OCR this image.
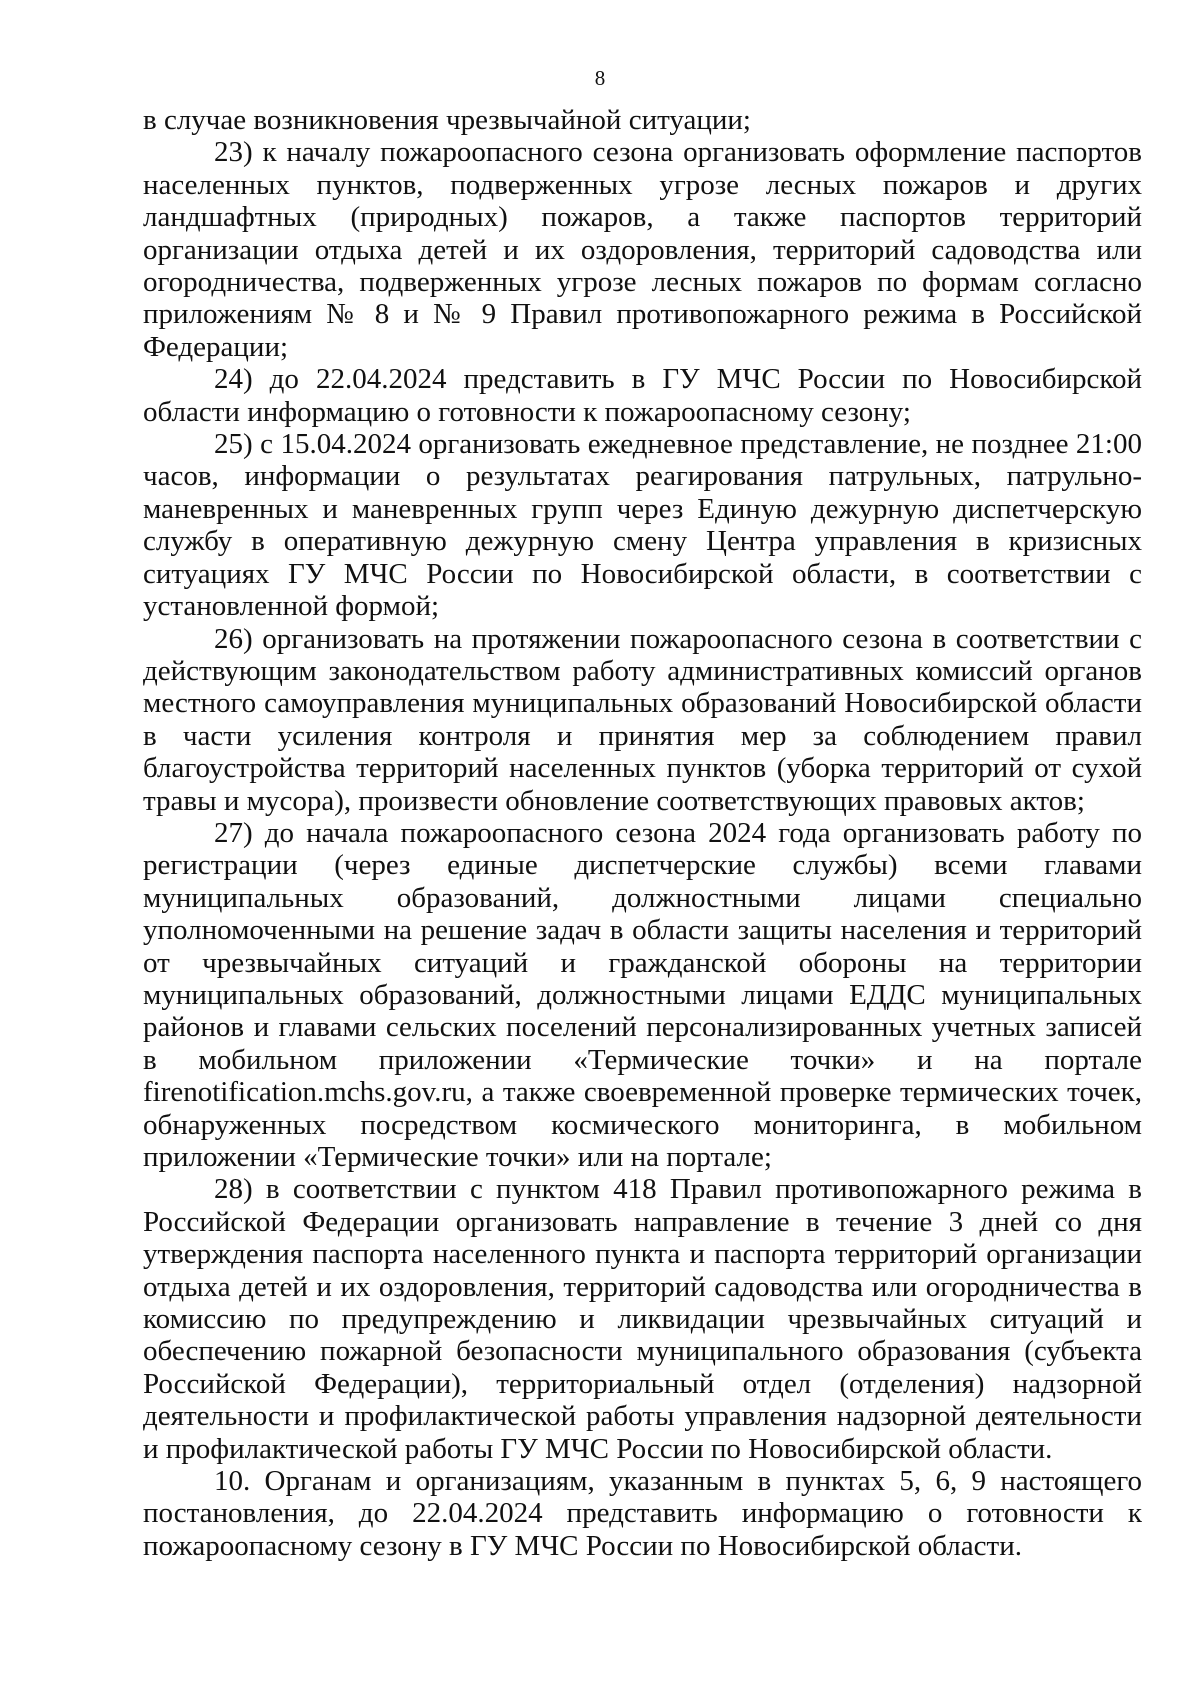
8

в случае возникновения чрезвычайной ситуации;

23) к началу пожароопасного сезона организовать оформление паспортов населенных пунктов, подверженных угрозе лесных пожаров и других ландшафтных (природных) пожаров, а также паспортов территорий организации отдыха детей и их оздоровления, территорий садоводства или огородничества, подверженных угрозе лесных пожаров по формам согласно приложениям № 8 и № 9 Правил противопожарного режима в Российской Федерации;

24) до 22.04.2024 представить в ГУ МЧС России по Новосибирской области информацию о готовности к пожароопасному сезону;

25) с 15.04.2024 организовать ежедневное представление, не позднее 21:00 часов, информации о результатах реагирования патрульных, патрульно-маневренных и маневренных групп через Единую дежурную диспетчерскую службу в оперативную дежурную смену Центра управления в кризисных ситуациях ГУ МЧС России по Новосибирской области, в соответствии с установленной формой;

26) организовать на протяжении пожароопасного сезона в соответствии с действующим законодательством работу административных комиссий органов местного самоуправления муниципальных образований Новосибирской области в части усиления контроля и принятия мер за соблюдением правил благоустройства территорий населенных пунктов (уборка территорий от сухой травы и мусора), произвести обновление соответствующих правовых актов;

27) до начала пожароопасного сезона 2024 года организовать работу по регистрации (через единые диспетчерские службы) всеми главами муниципальных образований, должностными лицами специально уполномоченными на решение задач в области защиты населения и территорий от чрезвычайных ситуаций и гражданской обороны на территории муниципальных образований, должностными лицами ЕДДС муниципальных районов и главами сельских поселений персонализированных учетных записей в мобильном приложении «Термические точки» и на портале firenotification.mchs.gov.ru, а также своевременной проверке термических точек, обнаруженных посредством космического мониторинга, в мобильном приложении «Термические точки» или на портале;

28) в соответствии с пунктом 418 Правил противопожарного режима в Российской Федерации организовать направление в течение 3 дней со дня утверждения паспорта населенного пункта и паспорта территорий организации отдыха детей и их оздоровления, территорий садоводства или огородничества в комиссию по предупреждению и ликвидации чрезвычайных ситуаций и обеспечению пожарной безопасности муниципального образования (субъекта Российской Федерации), территориальный отдел (отделения) надзорной деятельности и профилактической работы управления надзорной деятельности и профилактической работы ГУ МЧС России по Новосибирской области.

10. Органам и организациям, указанным в пунктах 5, 6, 9 настоящего постановления, до 22.04.2024 представить информацию о готовности к пожароопасному сезону в ГУ МЧС России по Новосибирской области.
